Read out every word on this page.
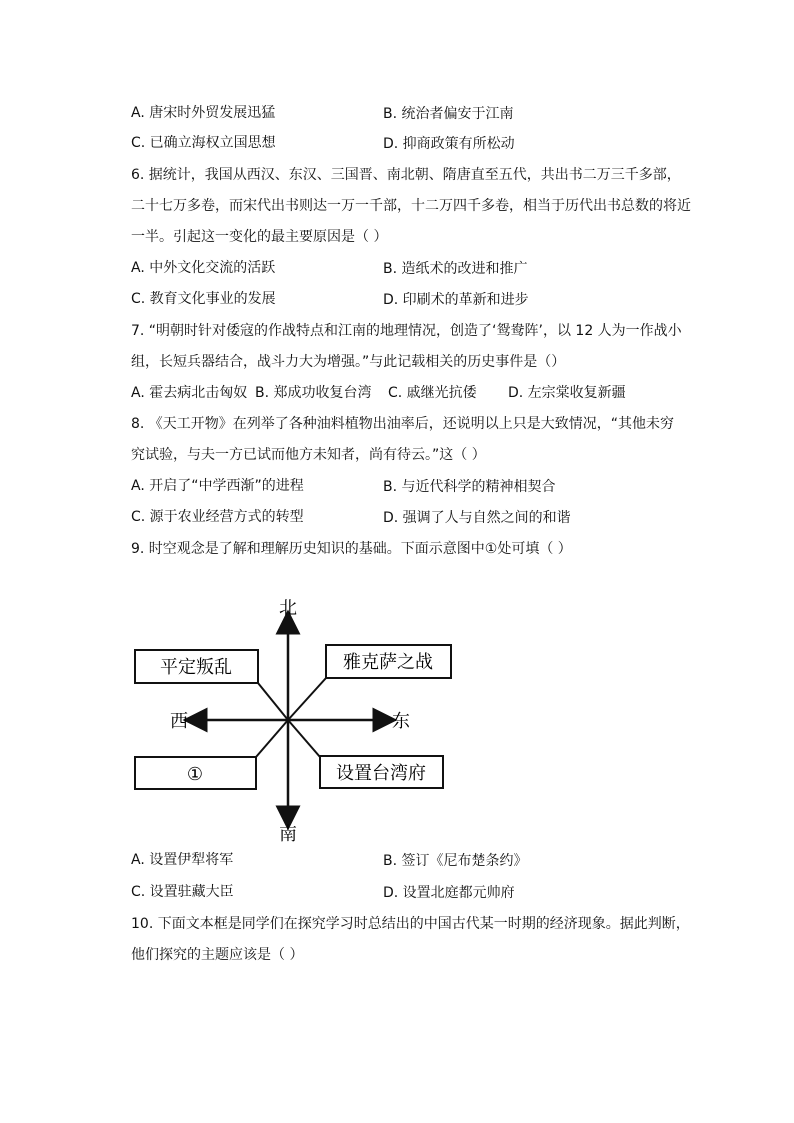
A. 唐宋时外贸发展迅猛	B. 统治者偏安于江南
C. 已确立海权立国思想	D. 抑商政策有所松动
6. 据统计，我国从西汉、东汉、三国晋、南北朝、隋唐直至五代，共出书二万三千多部，
二十七万多卷，而宋代出书则达一万一千部，十二万四千多卷，相当于历代出书总数的将近
一半。引起这一变化的最主要原因是（ ）
A. 中外文化交流的活跃	B. 造纸术的改进和推广
C. 教育文化事业的发展	D. 印刷术的革新和进步
7. “明朝时针对倭寇的作战特点和江南的地理情况，创造了‘鸳鸯阵’，以 12 人为一作战小
组，长短兵器结合，战斗力大为增强。”与此记载相关的历史事件是（）
A. 霍去病北击匈奴 B. 郑成功收复台湾 C. 戚继光抗倭 D. 左宗棠收复新疆
8. 《天工开物》在列举了各种油料植物出油率后，还说明以上只是大致情况，“其他未穷
究试验，与夫一方已试而他方未知者，尚有待云。”这（ ）
A. 开启了“中学西渐”的进程	B. 与近代科学的精神相契合
C. 源于农业经营方式的转型	D. 强调了人与自然之间的和谐
9. 时空观念是了解和理解历史知识的基础。下面示意图中①处可填（ ）
平定叛乱	雅克萨之战
①	设置台湾府
北
南
西	东
A. 设置伊犁将军	B. 签订《尼布楚条约》
C. 设置驻藏大臣	D. 设置北庭都元帅府
10. 下面文本框是同学们在探究学习时总结出的中国古代某一时期的经济现象。据此判断，
他们探究的主题应该是（ ）
